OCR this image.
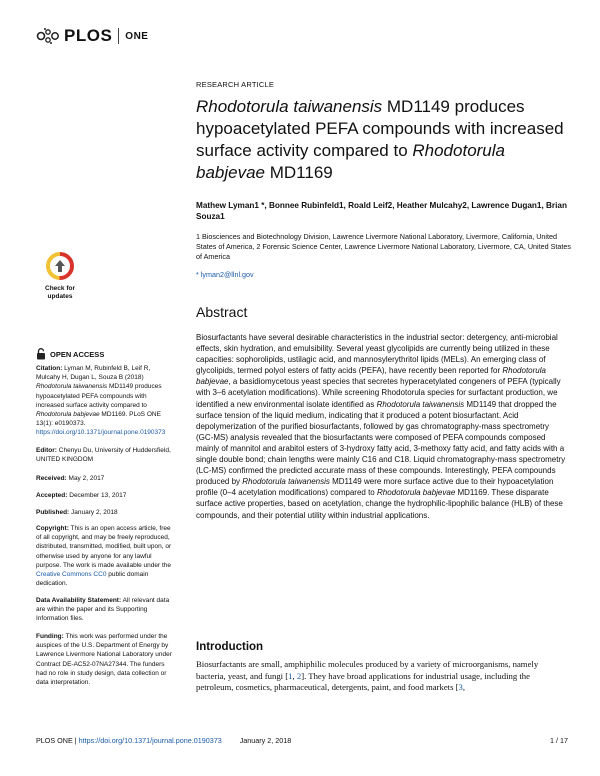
PLOS ONE
RESEARCH ARTICLE
Rhodotorula taiwanensis MD1149 produces hypoacetylated PEFA compounds with increased surface activity compared to Rhodotorula babjevae MD1169
Mathew Lyman1 *, Bonnee Rubinfeld1, Roald Leif2, Heather Mulcahy2, Lawrence Dugan1, Brian Souza1
1 Biosciences and Biotechnology Division, Lawrence Livermore National Laboratory, Livermore, California, United States of America, 2 Forensic Science Center, Lawrence Livermore National Laboratory, Livermore, CA, United States of America
* lyman2@llnl.gov
Abstract
Biosurfactants have several desirable characteristics in the industrial sector: detergency, anti-microbial effects, skin hydration, and emulsibility. Several yeast glycolipids are currently being utilized in these capacities: sophorolipids, ustilagic acid, and mannosylerythritol lipids (MELs). An emerging class of glycolipids, termed polyol esters of fatty acids (PEFA), have recently been reported for Rhodotorula babjevae, a basidiomycetous yeast species that secretes hyperacetylated congeners of PEFA (typically with 3–6 acetylation modifications). While screening Rhodotorula species for surfactant production, we identified a new environmental isolate identified as Rhodotorula taiwanensis MD1149 that dropped the surface tension of the liquid medium, indicating that it produced a potent biosurfactant. Acid depolymerization of the purified biosurfactants, followed by gas chromatography-mass spectrometry (GC-MS) analysis revealed that the biosurfactants were composed of PEFA compounds composed mainly of mannitol and arabitol esters of 3-hydroxy fatty acid, 3-methoxy fatty acid, and fatty acids with a single double bond; chain lengths were mainly C16 and C18. Liquid chromatography-mass spectrometry (LC-MS) confirmed the predicted accurate mass of these compounds. Interestingly, PEFA compounds produced by Rhodotorula taiwanensis MD1149 were more surface active due to their hypoacetylation profile (0–4 acetylation modifications) compared to Rhodotorula babjevae MD1169. These disparate surface active properties, based on acetylation, change the hydrophilic-lipophilic balance (HLB) of these compounds, and their potential utility within industrial applications.
Introduction
Biosurfactants are small, amphiphilic molecules produced by a variety of microorganisms, namely bacteria, yeast, and fungi [1, 2]. They have broad applications for industrial usage, including the petroleum, cosmetics, pharmaceutical, detergents, paint, and food markets [3,
Check for
updates
OPEN ACCESS
Citation: Lyman M, Rubinfeld B, Leif R, Mulcahy H, Dugan L, Souza B (2018) Rhodotorula taiwanensis MD1149 produces hypoacetylated PEFA compounds with increased surface activity compared to Rhodotorula babjevae MD1169. PLoS ONE 13(1): e0190373. https://doi.org/10.1371/journal.pone.0190373
Editor: Chenyu Du, University of Huddersfield, UNITED KINGDOM
Received: May 2, 2017
Accepted: December 13, 2017
Published: January 2, 2018
Copyright: This is an open access article, free of all copyright, and may be freely reproduced, distributed, transmitted, modified, built upon, or otherwise used by anyone for any lawful purpose. The work is made available under the Creative Commons CC0 public domain dedication.
Data Availability Statement: All relevant data are within the paper and its Supporting Information files.
Funding: This work was performed under the auspices of the U.S. Department of Energy by Lawrence Livermore National Laboratory under Contract DE-AC52-07NA27344. The funders had no role in study design, data collection or data interpretation.
PLOS ONE | https://doi.org/10.1371/journal.pone.0190373	January 2, 2018	1 / 17
